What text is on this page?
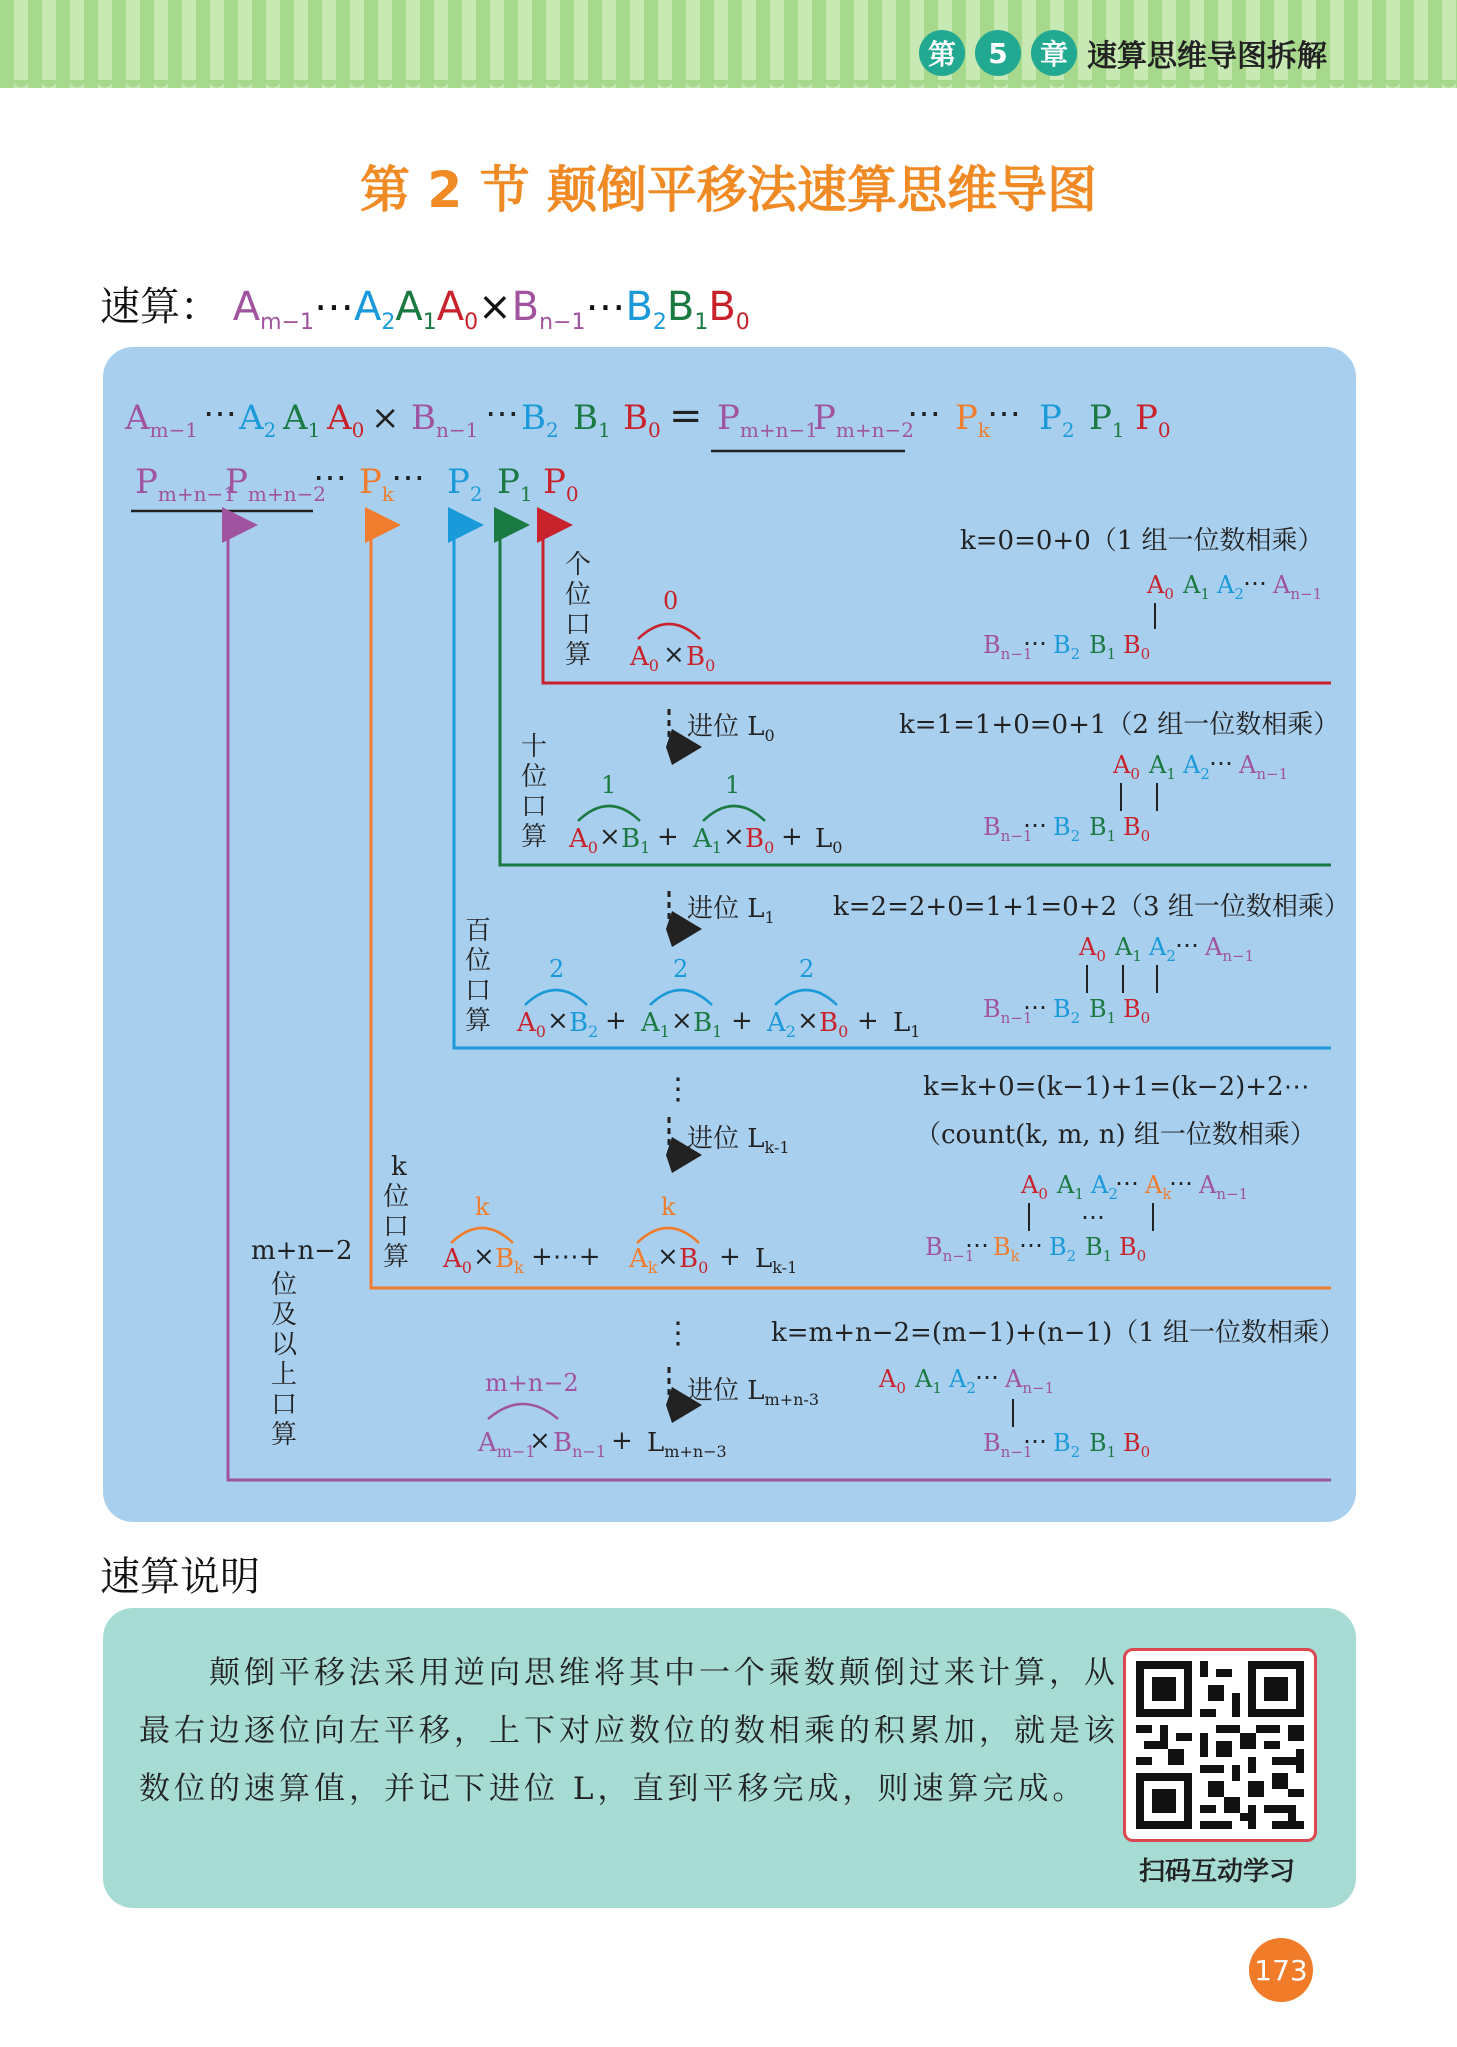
第	5	章 速算思维导图拆解
第 2 节 颠倒平移法速算思维导图
速算： $A_{m-1}\cdots A_2A_1A_0\times B_{n-1}\cdots B_2B_1B_0$
$A_{m-1}$ ⋯ $A_2$ $A_1$ $A_0 \times B_{n-1}$ ⋯ $B_2$ $B_1$ $B_0 = P_{m+n-1}$
$P_{m+n-2}$
⋯ $P_k$
⋯ $P_2$ $P_1$ $P_0$
$P_{m+n-1}$
$P_{m+n-2}$
⋯ $P_k$
⋯ $P_2$ $P_1$ $P_0$
个
位
口
算
k=0=0+0（1 组一位数相乘）
0
$A_0 \times B_0$
进位 $L_0$	k=1=1+0=0+1（2 组一位数相乘）
十
位
口
算
1	1
$A_0 \times B_1 + A_1 \times B_0 + L_0$
进位 $L_1$ k=2=2+0=1+1=0+2（3 组一位数相乘）
百
位
口
算
2	2	2
$A_0 \times B_2 + A_1 \times B_1 + A_2 \times B_0 + L_1$
⋮
进位 $L_{k-1}$
k=k+0=(k−1)+1=(k−2)+2⋯
（count(k, m, n) 组一位数相乘）
k
位
口
算
k	k
$A_0 \times B_k$ +⋯+ $A_k \times B_0 + L_{k-1}$
⋮	k=m+n−2=(m−1)+(n−1)（1 组一位数相乘）
m+n−2
位
及
以
上
口
算
进位 $L_{m+n-3}$
m+n−2
$A_{m-1}$
× $B_{n-1} + L_{m+n-3}$
$A_0$ $A_1$ $A_2$ ⋯ $A_{n-1}$
$B_{n-1}$
⋯ $B_2$ $B_1$ $B_0$
$A_0$ $A_1$ $A_2$ ⋯ $A_{n-1}$
$B_{n-1}$
⋯ $B_2$ $B_1$ $B_0$
$A_0$ $A_1$ $A_2$ ⋯ $A_{n-1}$
$B_{n-1}$
⋯ $B_2$ $B_1$ $B_0$
$A_0$ $A_1$ $A_2$
⋯ $A_k$
⋯ $A_{n-1}$
⋯
$B_{n-1}$
⋯ $B_k$ ⋯ $B_2$ $B_1$ $B_0$
$A_0$ $A_1$ $A_2$ ⋯ $A_{n-1}$
$B_{n-1}$
⋯ $B_2$ $B_1$ $B_0$
速算说明
颠倒平移法采用逆向思维将其中一个乘数颠倒过来计算，从最右边逐位向左平移，上下对应数位的数相乘的积累加，就是该数位的速算值，并记下进位 L，直到平移完成，则速算完成。
扫码互动学习
173
